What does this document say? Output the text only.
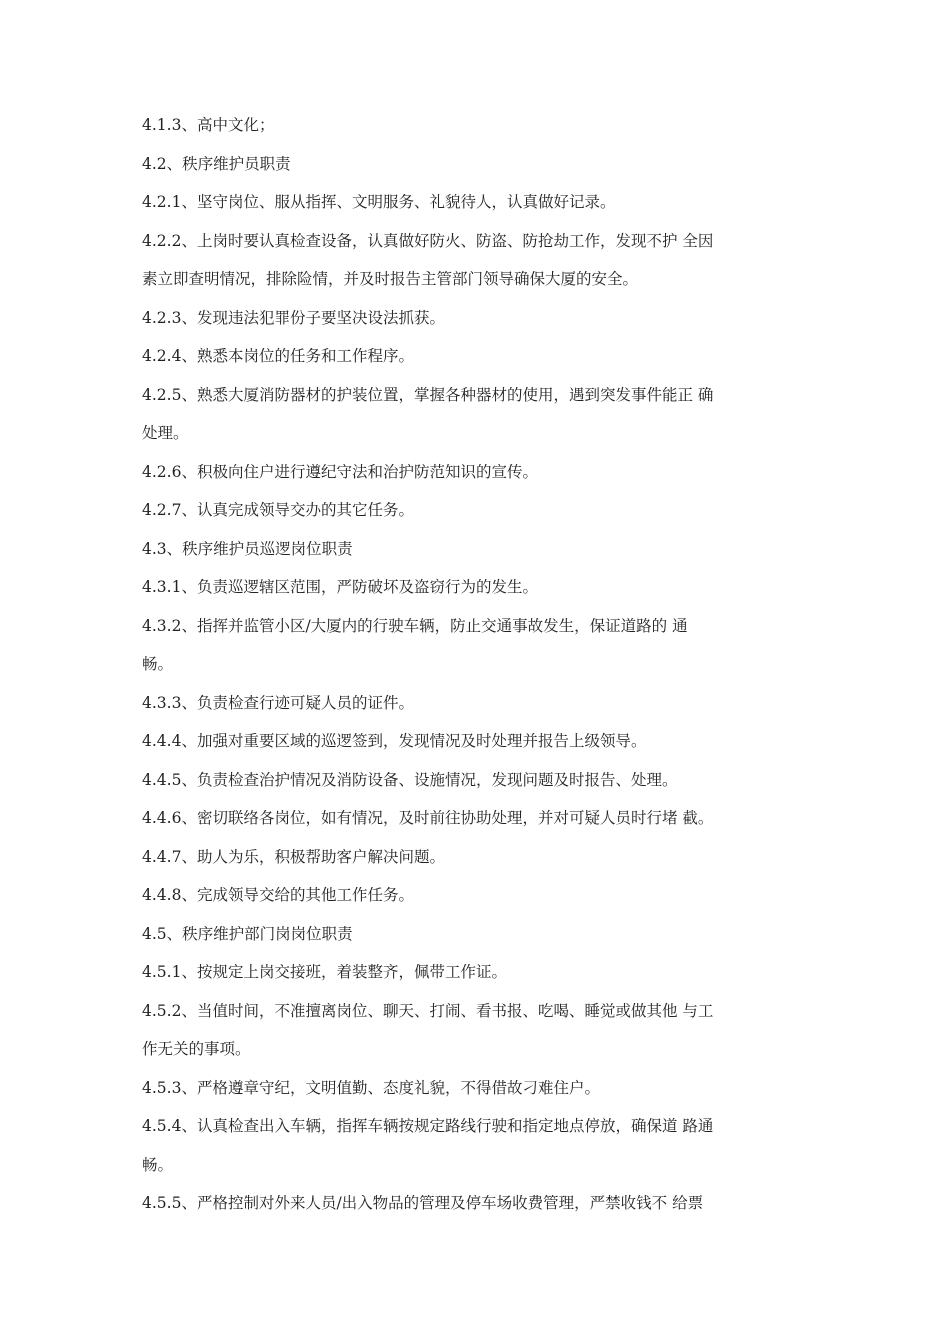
4.1.3、高中文化；

4.2、秩序维护员职责

4.2.1、坚守岗位、服从指挥、文明服务、礼貌待人，认真做好记录。

4.2.2、上岗时要认真检查设备，认真做好防火、防盗、防抢劫工作，发现不护 全因

素立即查明情况，排除险情，并及时报告主管部门领导确保大厦的安全。

4.2.3、发现违法犯罪份子要坚决设法抓获。

4.2.4、熟悉本岗位的任务和工作程序。

4.2.5、熟悉大厦消防器材的护装位置，掌握各种器材的使用，遇到突发事件能正 确

处理。

4.2.6、积极向住户进行遵纪守法和治护防范知识的宣传。

4.2.7、认真完成领导交办的其它任务。

4.3、秩序维护员巡逻岗位职责

4.3.1、负责巡逻辖区范围，严防破坏及盗窃行为的发生。

4.3.2、指挥并监管小区/大厦内的行驶车辆，防止交通事故发生，保证道路的 通

畅。

4.3.3、负责检查行迹可疑人员的证件。

4.4.4、加强对重要区域的巡逻签到，发现情况及时处理并报告上级领导。

4.4.5、负责检查治护情况及消防设备、设施情况，发现问题及时报告、处理。

4.4.6、密切联络各岗位，如有情况，及时前往协助处理，并对可疑人员时行堵 截。

4.4.7、助人为乐，积极帮助客户解决问题。

4.4.8、完成领导交给的其他工作任务。

4.5、秩序维护部门岗岗位职责

4.5.1、按规定上岗交接班，着装整齐，佩带工作证。

4.5.2、当值时间，不准擅离岗位、聊天、打闹、看书报、吃喝、睡觉或做其他 与工

作无关的事项。

4.5.3、严格遵章守纪，文明值勤、态度礼貌，不得借故刁难住户。

4.5.4、认真检查出入车辆，指挥车辆按规定路线行驶和指定地点停放，确保道 路通

畅。

4.5.5、严格控制对外来人员/出入物品的管理及停车场收费管理，严禁收钱不 给票
